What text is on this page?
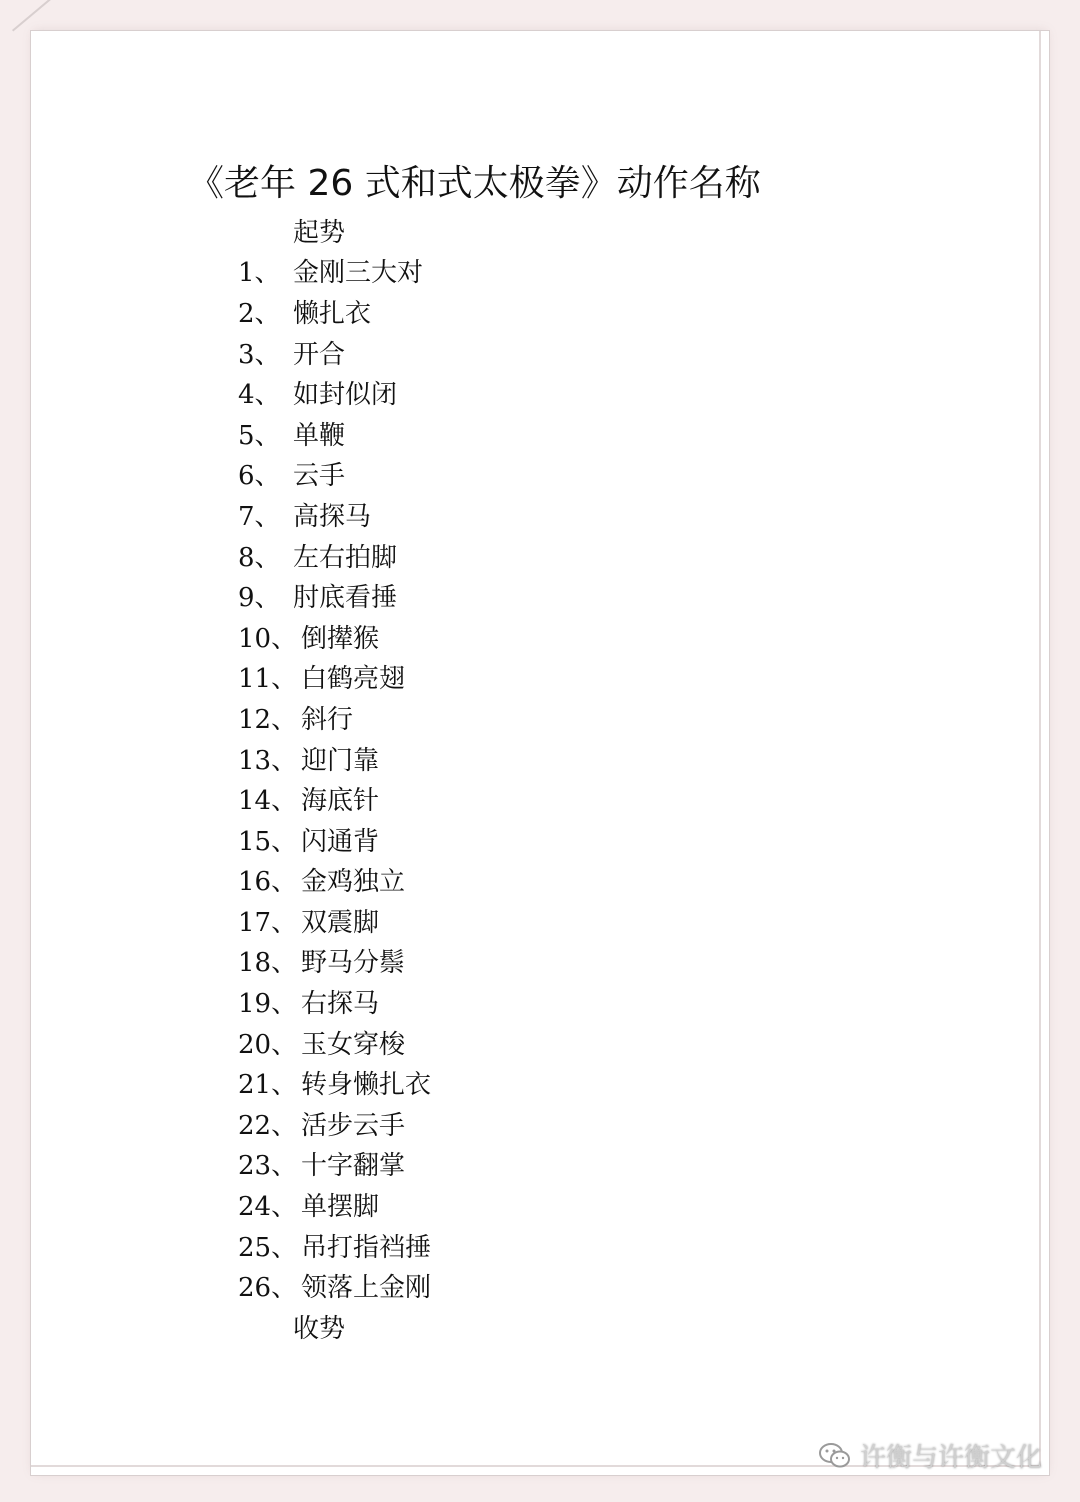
《老年 26 式和式太极拳》动作名称
起势
1、 金刚三大对
2、 懒扎衣
3、 开合
4、 如封似闭
5、 单鞭
6、 云手
7、 高探马
8、 左右拍脚
9、 肘底看捶
10、 倒撵猴
11、 白鹤亮翅
12、 斜行
13、 迎门靠
14、 海底针
15、 闪通背
16、 金鸡独立
17、 双震脚
18、 野马分鬃
19、 右探马
20、 玉女穿梭
21、 转身懒扎衣
22、 活步云手
23、 十字翻掌
24、 单摆脚
25、 吊打指裆捶
26、 领落上金刚
收势
许衡与许衡文化
